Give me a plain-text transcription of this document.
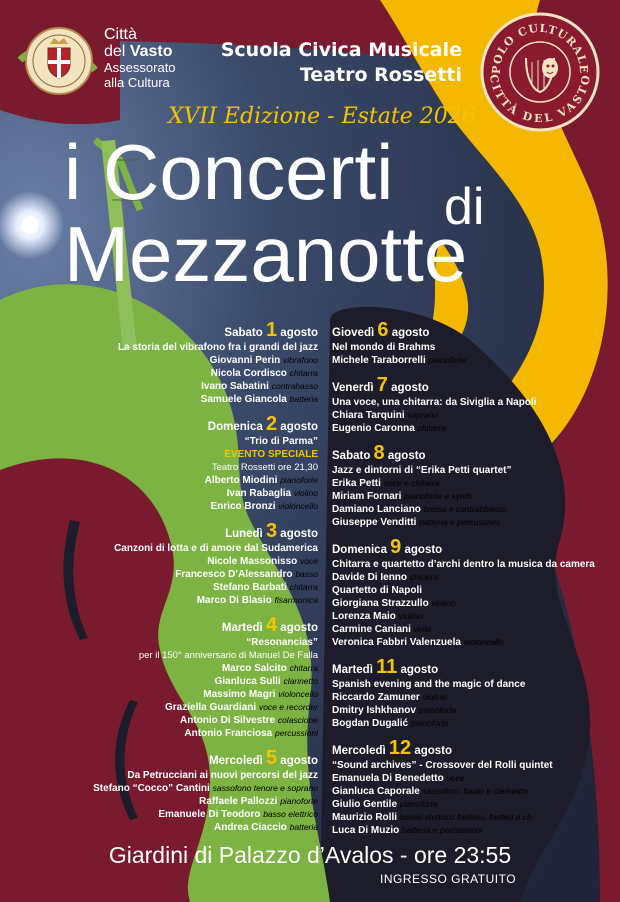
Città
del Vasto
Assessorato
alla Cultura
Scuola Civica Musicale
Teatro Rossetti	POLO CULTURALE
CITTÀ DEL VASTO
XVII Edizione - Estate 2026
i Concerti di
Mezzanotte
Sabato 1 agosto
La storia del vibrafono fra i grandi del jazz
Giovanni Perin vibrafono
Nicola Cordisco chitarra
Ivano Sabatini contrabasso
Samuele Giancola batteria
Domenica 2 agosto
“Trio di Parma”
EVENTO SPECIALE
Teatro Rossetti ore 21,30
Alberto Miodini pianoforte
Ivan Rabaglia violino
Enrico Bronzi violoncello
Lunedì 3 agosto
Canzoni di lotta e di amore dal Sudamerica
Nicole Massonisso voce
Francesco D’Alessandro basso
Stefano Barbati chitarra
Marco Di Blasio fisarmonica
Martedì 4 agosto
“Resonancias”
per il 150° anniversario di Manuel De Falla
Marco Salcito chitarra
Gianluca Sulli clarinetto
Massimo Magri violoncello
Graziella Guardiani voce e recorder
Antonio Di Silvestre colascione
Antonio Franciosa percussioni
Mercoledì 5 agosto
Da Petrucciani ai nuovi percorsi del jazz
Stefano “Cocco” Cantini sassofono tenore e soprano
Raffaele Pallozzi pianoforte
Emanuele Di Teodoro basso elettrico
Andrea Ciaccio batteria
Giovedì 6 agosto
Nel mondo di Brahms
Michele Taraborrelli pianoforte
Venerdì 7 agosto
Una voce, una chitarra: da Siviglia a Napoli
Chiara Tarquini soprano
Eugenio Caronna chitarra
Sabato 8 agosto
Jazz e dintorni di “Erika Petti quartet”
Erika Petti voce e chitarra
Miriam Fornari pianoforte e synth
Damiano Lanciano basso e contrabbasso
Giuseppe Venditti batteria e percussioni
Domenica 9 agosto
Chitarra e quartetto d’archi dentro la musica da camera
Davide Di Ienno chitarra
Quartetto di Napoli
Giorgiana Strazzullo violino
Lorenza Maio violino
Carmine Caniani viola
Veronica Fabbri Valenzuela violoncello
Martedì 11 agosto
Spanish evening and the magic of dance
Riccardo Zamuner violino
Dmitry Ishkhanov pianoforte
Bogdan Dugalić pianoforte
Mercoledì 12 agosto
“Sound archives” - Crossover del Rolli quintet
Emanuela Di Benedetto voce
Gianluca Caporale sassofoni, flauto e clarinetto
Giulio Gentile pianoforte
Maurizio Rolli basso elettrico fretless, fretted e cb.
Luca Di Muzio batteria e percussioni
Giardini di Palazzo d’Avalos - ore 23:55
INGRESSO GRATUITO
